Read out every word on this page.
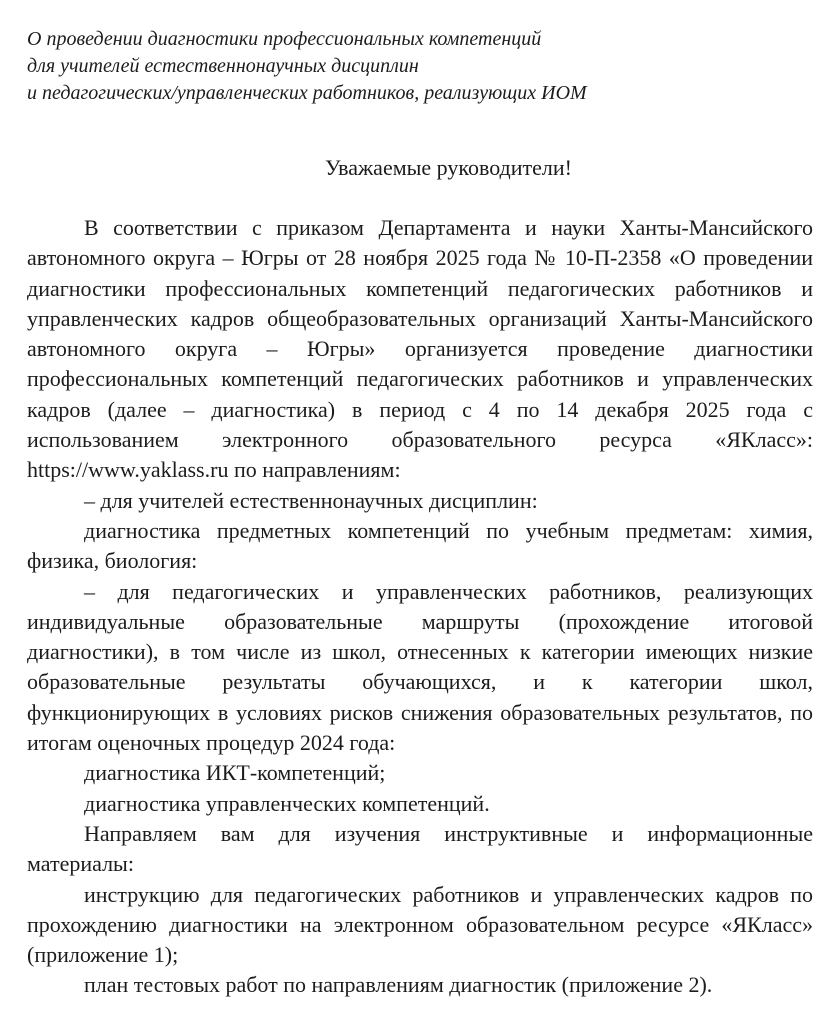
О проведении диагностики профессиональных компетенций
для учителей естественнонаучных дисциплин
и педагогических/управленческих работников, реализующих ИОМ
Уважаемые руководители!

В соответствии с приказом Департамента и науки Ханты-Мансийского автономного округа – Югры от 28 ноября 2025 года № 10-П-2358 «О проведении диагностики профессиональных компетенций педагогических работников и управленческих кадров общеобразовательных организаций Ханты-Мансийского автономного округа – Югры» организуется проведение диагностики профессиональных компетенций педагогических работников и управленческих кадров (далее – диагностика) в период с 4 по 14 декабря 2025 года с использованием электронного образовательного ресурса «ЯКласс»: https://www.yaklass.ru по направлениям:

– для учителей естественнонаучных дисциплин:

диагностика предметных компетенций по учебным предметам: химия, физика, биология:

– для педагогических и управленческих работников, реализующих индивидуальные образовательные маршруты (прохождение итоговой диагностики), в том числе из школ, отнесенных к категории имеющих низкие образовательные результаты обучающихся, и к категории школ, функционирующих в условиях рисков снижения образовательных результатов, по итогам оценочных процедур 2024 года:

диагностика ИКТ-компетенций;

диагностика управленческих компетенций.

Направляем вам для изучения инструктивные и информационные материалы:

инструкцию для педагогических работников и управленческих кадров по прохождению диагностики на электронном образовательном ресурсе «ЯКласс» (приложение 1);

план тестовых работ по направлениям диагностик (приложение 2).
